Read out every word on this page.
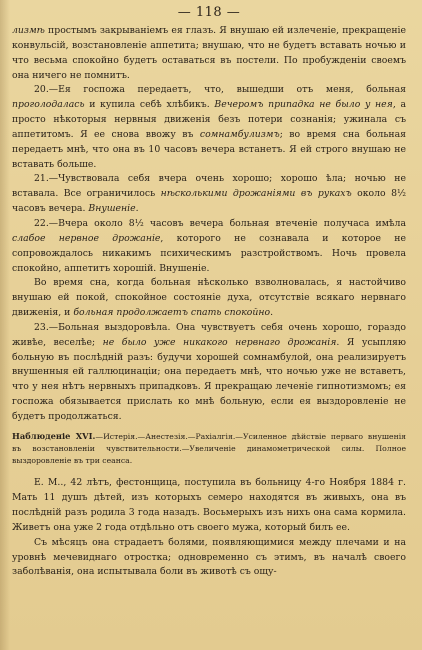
— 118 —

лизмѣ простымъ закрываніемъ ея глазъ. Я внушаю ей излеченіе, прекращеніе конвульсій, возстановленіе аппетита; внушаю, что не будетъ вставать ночью и что весьма спокойно будетъ оставаться въ постели. По пробужденіи своемъ она ничего не помнитъ.

20.—Ея госпожа передаетъ, что, вышедши отъ меня, больная проголодалась и купила себѣ хлѣбикъ. Вечеромъ припадка не было у нея, а просто нѣкоторыя нервныя движенія безъ потери сознанія; ужинала съ аппетитомъ. Я ее снова ввожу въ сомнамбулизмъ; во время сна больная передаетъ мнѣ, что она въ 10 часовъ вечера встанетъ. Я ей строго внушаю не вставать больше.

21.—Чувствовала себя вчера очень хорошо; хорошо ѣла; ночью не вставала. Все ограничилось нѣсколькими дрожаніями въ рукахъ около 8½ часовъ вечера. Внушеніе.

22.—Вчера около 8½ часовъ вечера больная втеченіе получаса имѣла слабое нервное дрожаніе, которого не сознавала и которое не сопровождалось никакимъ психическимъ разстройствомъ. Ночь провела спокойно, аппетитъ хорошій. Внушеніе.

Во время сна, когда больная нѣсколько взволновалась, я настойчиво внушаю ей покой, спокойное состояніе духа, отсутствіе всякаго нервнаго движенія, и больная продолжаетъ спать спокойно.

23.—Больная выздоровѣла. Она чувствуетъ себя очень хорошо, гораздо живѣе, веселѣе; не было уже никакого нервнаго дрожанія. Я усыпляю больную въ послѣдній разъ: будучи хорошей сомнамбулой, она реализируетъ внушенныя ей галлюцинаціи; она передаетъ мнѣ, что ночью уже не вставетъ, что у нея нѣтъ нервныхъ припадковъ. Я прекращаю леченіе гипнотизмомъ; ея госпожа обязывается прислать ко мнѣ больную, если ея выздоровленіе не будетъ продолжаться.

Наблюденіе XVI.—Истерія.—Анестезія.—Рахіалгія.—Усиленное дѣйствіе перваго внушенія въ возстановленіи чувствительности.—Увеличеніе динамометрической силы. Полное выздоровленіе въ три сеанса.

Е. М.., 42 лѣтъ, фестонщица, поступила въ больницу 4-го Ноября 1884 г. Мать 11 душъ дѣтей, изъ которыхъ семеро находятся въ живыхъ, она въ послѣдній разъ родила 3 года назадъ. Восьмерыхъ изъ нихъ она сама кормила. Живетъ она уже 2 года отдѣльно отъ своего мужа, который билъ ее.

Съ мѣсяцъ она страдаетъ болями, появляющимися между плечами и на уровнѣ мечевиднаго отростка; одновременно съ этимъ, въ началѣ своего заболѣванія, она испытывала боли въ животѣ съ ощу-
